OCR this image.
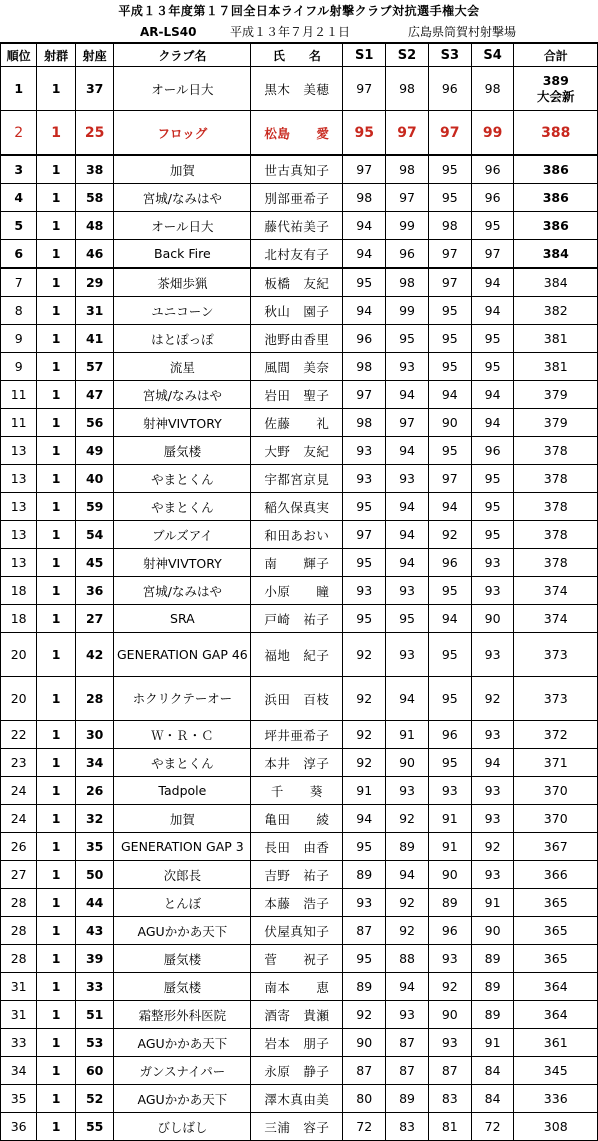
平成１３年度第１７回全日本ライフル射撃クラブ対抗選手権大会
AR-LS40	平成１３年７月２１日	広島県筒賀村射撃場
順位	射群	射座	クラブ名	氏　　名	S1	S2	S3	S4	合計
1	1	37	オール日大	黒木　美穂	97	98	96	98	389
大会新

2	1	25	フロッグ	松島　　愛	95	97	97	99	388

3	1	38	加賀	世古真知子	97	98	95	96	386

4	1	58	宮城/なみはや	別部亜希子	98	97	95	96	386

5	1	48	オール日大	藤代祐美子	94	99	98	95	386

6	1	46	Back Fire	北村友有子	94	96	97	97	384

7	1	29	茶畑歩猟	板橋　友紀	95	98	97	94	384

8	1	31	ユニコーン	秋山　園子	94	99	95	94	382

9	1	41	はとぽっぽ	池野由香里	96	95	95	95	381

9	1	57	流星	風間　美奈	98	93	95	95	381

11	1	47	宮城/なみはや	岩田　聖子	97	94	94	94	379

11	1	56	射神VIVTORY	佐藤　　礼	98	97	90	94	379

13	1	49	蜃気楼	大野　友紀	93	94	95	96	378

13	1	40	やまとくん	宇都宮京見	93	93	97	95	378

13	1	59	やまとくん	稲久保真実	95	94	94	95	378

13	1	54	ブルズアイ	和田あおい	97	94	92	95	378

13	1	45	射神VIVTORY	南　　輝子	95	94	96	93	378

18	1	36	宮城/なみはや	小原　　瞳	93	93	95	93	374

18	1	27	SRA	戸崎　祐子	95	95	94	90	374

20	1	42	GENERATION GAP 46	福地　紀子	92	93	95	93	373

20	1	28	ホクリクテーオー	浜田　百枝	92	94	95	92	373

22	1	30	Ｗ・Ｒ・Ｃ	坪井亜希子	92	91	96	93	372

23	1	34	やまとくん	本井　淳子	92	90	95	94	371

24	1	26	Tadpole	千　　葵	91	93	93	93	370

24	1	32	加賀	亀田　　綾	94	92	91	93	370

26	1	35	GENERATION GAP 3	長田　由香	95	89	91	92	367

27	1	50	次郎長	吉野　祐子	89	94	90	93	366

28	1	44	とんぼ	本藤　浩子	93	92	89	91	365

28	1	43	AGUかかあ天下	伏屋真知子	87	92	96	90	365

28	1	39	蜃気楼	菅　　祝子	95	88	93	89	365

31	1	33	蜃気楼	南本　　恵	89	94	92	89	364

31	1	51	霜整形外科医院	酒寄　貴瀬	92	93	90	89	364

33	1	53	AGUかかあ天下	岩本　朋子	90	87	93	91	361

34	1	60	ガンスナイパー	永原　静子	87	87	87	84	345

35	1	52	AGUかかあ天下	澤木真由美	80	89	83	84	336

36	1	55	びしばし	三浦　容子	72	83	81	72	308
